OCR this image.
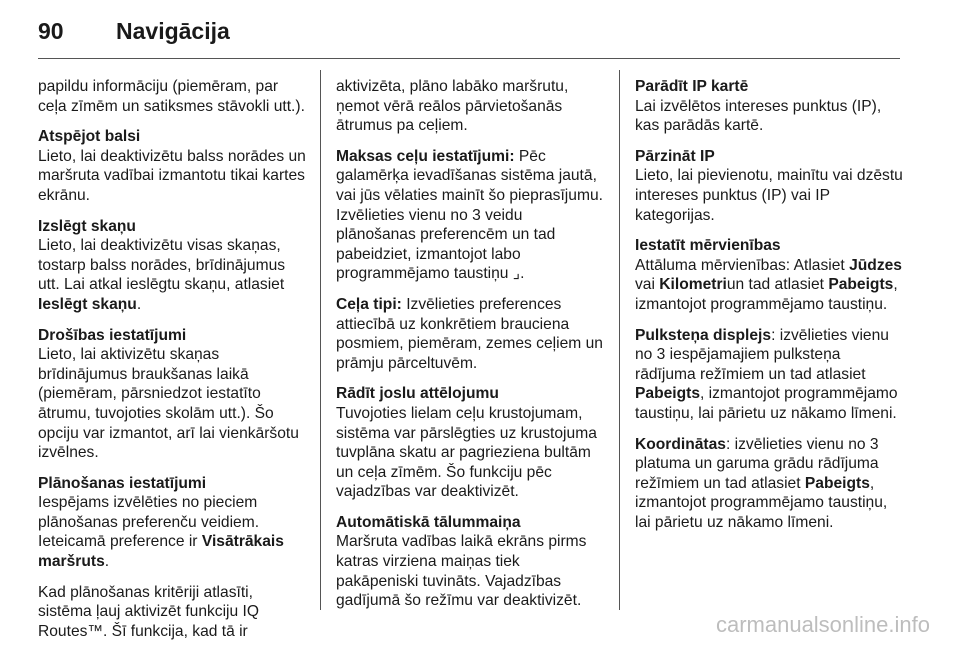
90	Navigācija

papildu informāciju (piemēram, par ceļa zīmēm un satiksmes stāvokli utt.).

Atspējot balsi
Lieto, lai deaktivizētu balss norādes un maršruta vadībai izmantotu tikai kartes ekrānu.

Izslēgt skaņu
Lieto, lai deaktivizētu visas skaņas, tostarp balss norādes, brīdinājumus utt. Lai atkal ieslēgtu skaņu, atlasiet Ieslēgt skaņu.

Drošības iestatījumi
Lieto, lai aktivizētu skaņas brīdinājumus braukšanas laikā (piemēram, pārsniedzot iestatīto ātrumu, tuvojoties skolām utt.). Šo opciju var izmantot, arī lai vienkāršotu izvēlnes.

Plānošanas iestatījumi
Iespējams izvēlēties no pieciem plānošanas preferenču veidiem. Ieteicamā preference ir Visātrākais maršruts.

Kad plānošanas kritēriji atlasīti, sistēma ļauj aktivizēt funkciju IQ Routes™. Šī funkcija, kad tā ir

aktivizēta, plāno labāko maršrutu, ņemot vērā reālos pārvietošanās ātrumus pa ceļiem.

Maksas ceļu iestatījumi: Pēc galamērķa ievadīšanas sistēma jautā, vai jūs vēlaties mainīt šo pieprasījumu. Izvēlieties vienu no 3 veidu plānošanas preferencēm un tad pabeidziet, izmantojot labo programmējamo taustiņu ⌟.

Ceļa tipi: Izvēlieties preferences attiecībā uz konkrētiem brauciena posmiem, piemēram, zemes ceļiem un prāmju pārceltuvēm.

Rādīt joslu attēlojumu
Tuvojoties lielam ceļu krustojumam, sistēma var pārslēgties uz krustojuma tuvplāna skatu ar pagrieziena bultām un ceļa zīmēm. Šo funkciju pēc vajadzības var deaktivizēt.

Automātiskā tālummaiņa
Maršruta vadības laikā ekrāns pirms katras virziena maiņas tiek pakāpeniski tuvināts. Vajadzības gadījumā šo režīmu var deaktivizēt.

Parādīt IP kartē
Lai izvēlētos intereses punktus (IP), kas parādās kartē.

Pārzināt IP
Lieto, lai pievienotu, mainītu vai dzēstu intereses punktus (IP) vai IP kategorijas.

Iestatīt mērvienības
Attāluma mērvienības: Atlasiet Jūdzes vai Kilometriun tad atlasiet Pabeigts, izmantojot programmējamo taustiņu.

Pulksteņa displejs: izvēlieties vienu no 3 iespējamajiem pulksteņa rādījuma režīmiem un tad atlasiet Pabeigts, izmantojot programmējamo taustiņu, lai pārietu uz nākamo līmeni.

Koordinātas: izvēlieties vienu no 3 platuma un garuma grādu rādījuma režīmiem un tad atlasiet Pabeigts, izmantojot programmējamo taustiņu, lai pārietu uz nākamo līmeni.

carmanualsonline.info
